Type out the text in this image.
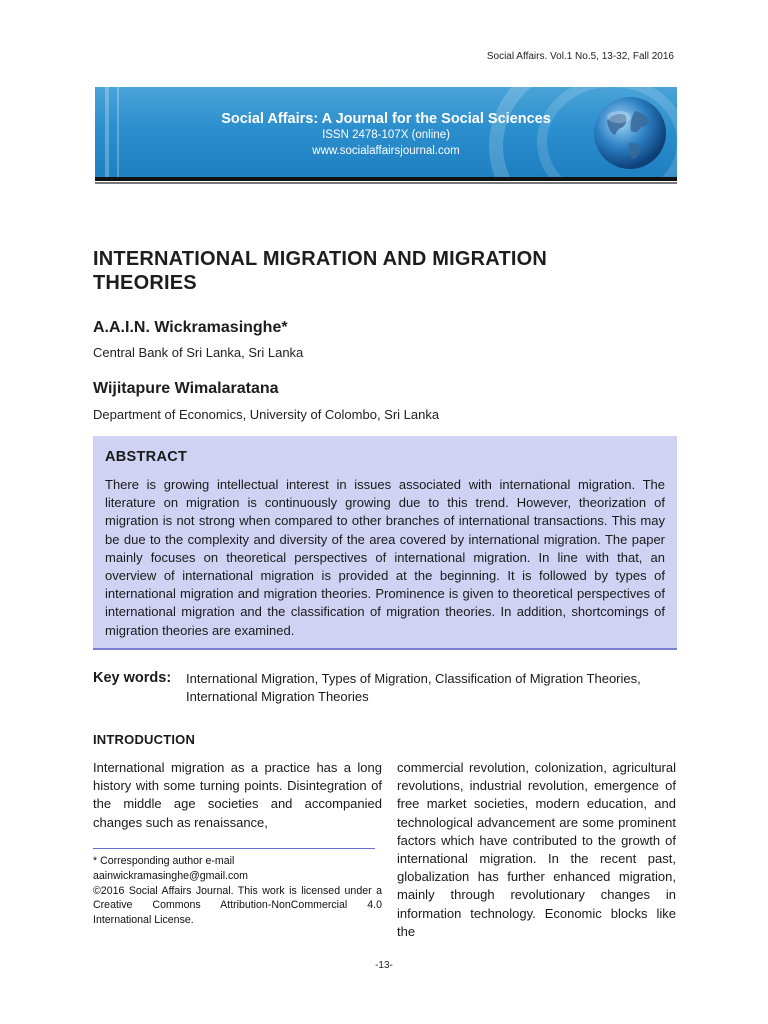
Social Affairs. Vol.1 No.5, 13-32, Fall 2016
Social Affairs: A Journal for the Social Sciences
ISSN 2478-107X (online)
www.socialaffairsjournal.com
INTERNATIONAL MIGRATION AND MIGRATION THEORIES
A.A.I.N. Wickramasinghe*
Central Bank of Sri Lanka, Sri Lanka
Wijitapure Wimalaratana
Department of Economics, University of Colombo, Sri Lanka
ABSTRACT
There is growing intellectual interest in issues associated with international migration. The literature on migration is continuously growing due to this trend. However, theorization of migration is not strong when compared to other branches of international transactions. This may be due to the complexity and diversity of the area covered by international migration. The paper mainly focuses on theoretical perspectives of international migration. In line with that, an overview of international migration is provided at the beginning. It is followed by types of international migration and migration theories. Prominence is given to theoretical perspectives of international migration and the classification of migration theories. In addition, shortcomings of migration theories are examined.
Key words: International Migration, Types of Migration, Classification of Migration Theories, International Migration Theories
INTRODUCTION
International migration as a practice has a long history with some turning points. Disintegration of the middle age societies and accompanied changes such as renaissance,
commercial revolution, colonization, agricultural revolutions, industrial revolution, emergence of free market societies, modern education, and technological advancement are some prominent factors which have contributed to the growth of international migration. In the recent past, globalization has further enhanced migration, mainly through revolutionary changes in information technology. Economic blocks like the
* Corresponding author e-mail
aainwickramasinghe@gmail.com
©2016 Social Affairs Journal. This work is licensed under a Creative Commons Attribution-NonCommercial 4.0 International License.
-13-
